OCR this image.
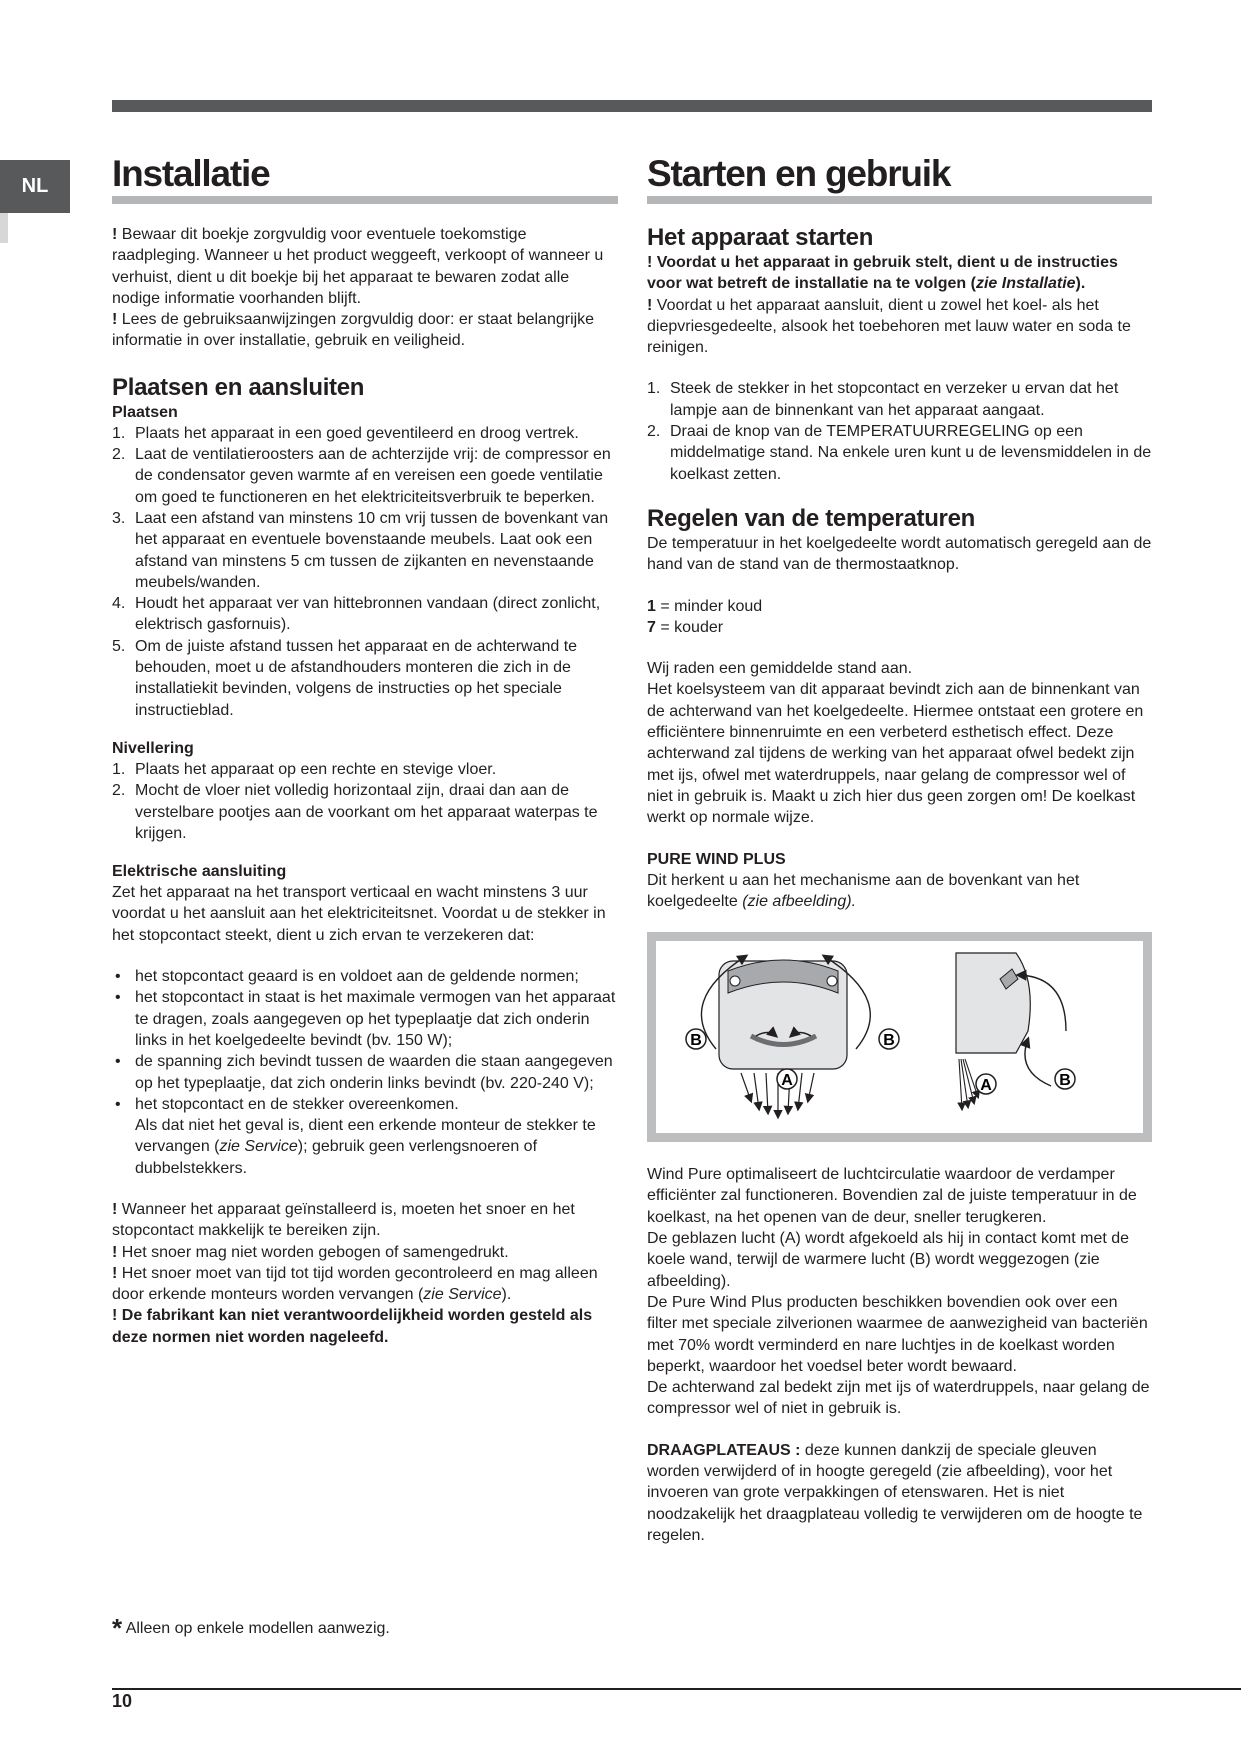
NL Installatie

! Bewaar dit boekje zorgvuldig voor eventuele toekomstige raadpleging. Wanneer u het product weggeeft, verkoopt of wanneer u verhuist, dient u dit boekje bij het apparaat te bewaren zodat alle nodige informatie voorhanden blijft.

! Lees de gebruiksaanwijzingen zorgvuldig door: er staat belangrijke informatie in over installatie, gebruik en veiligheid.

Plaatsen en aansluiten
Plaatsen
1. Plaats het apparaat in een goed geventileerd en droog vertrek.
2. Laat de ventilatieroosters aan de achterzijde vrij: de compressor en de condensator geven warmte af en vereisen een goede ventilatie om goed te functioneren en het elektriciteitsverbruik te beperken.
3. Laat een afstand van minstens 10 cm vrij tussen de bovenkant van het apparaat en eventuele bovenstaande meubels. Laat ook een afstand van minstens 5 cm tussen de zijkanten en nevenstaande meubels/wanden.
4. Houdt het apparaat ver van hittebronnen vandaan (direct zonlicht, elektrisch gasfornuis).
5. Om de juiste afstand tussen het apparaat en de achterwand te behouden, moet u de afstandhouders monteren die zich in de installatiekit bevinden, volgens de instructies op het speciale instructieblad.
Nivellering
1. Plaats het apparaat op een rechte en stevige vloer.
2. Mocht de vloer niet volledig horizontaal zijn, draai dan aan de verstelbare pootjes aan de voorkant om het apparaat waterpas te krijgen.
Elektrische aansluiting

Zet het apparaat na het transport verticaal en wacht minstens 3 uur voordat u het aansluit aan het elektriciteitsnet. Voordat u de stekker in het stopcontact steekt, dient u zich ervan te verzekeren dat:

• het stopcontact geaard is en voldoet aan de geldende normen;
• het stopcontact in staat is het maximale vermogen van het apparaat te dragen, zoals aangegeven op het typeplaatje dat zich onderin links in het koelgedeelte bevindt (bv. 150 W);
• de spanning zich bevindt tussen de waarden die staan aangegeven op het typeplaatje, dat zich onderin links bevindt (bv. 220-240 V);
• het stopcontact en de stekker overeenkomen.
Als dat niet het geval is, dient een erkende monteur de stekker te vervangen (zie Service); gebruik geen verlengsnoeren of dubbelstekkers.

! Wanneer het apparaat geïnstalleerd is, moeten het snoer en het stopcontact makkelijk te bereiken zijn.

! Het snoer mag niet worden gebogen of samengedrukt.

! Het snoer moet van tijd tot tijd worden gecontroleerd en mag alleen door erkende monteurs worden vervangen (zie Service).

! De fabrikant kan niet verantwoordelijkheid worden gesteld als deze normen niet worden nageleefd.

Starten en gebruik
Het apparaat starten

! Voordat u het apparaat in gebruik stelt, dient u de instructies voor wat betreft de installatie na te volgen (zie Installatie).

! Voordat u het apparaat aansluit, dient u zowel het koel- als het diepvriesgedeelte, alsook het toebehoren met lauw water en soda te reinigen.

1. Steek de stekker in het stopcontact en verzeker u ervan dat het lampje aan de binnenkant van het apparaat aangaat.
2. Draai de knop van de TEMPERATUURREGELING op een middelmatige stand. Na enkele uren kunt u de levensmiddelen in de koelkast zetten.
Regelen van de temperaturen

De temperatuur in het koelgedeelte wordt automatisch geregeld aan de hand van de stand van de thermostaatknop.

1 = minder koud

7 = kouder

Wij raden een gemiddelde stand aan.

Het koelsysteem van dit apparaat bevindt zich aan de binnenkant van de achterwand van het koelgedeelte. Hiermee ontstaat een grotere en efficiëntere binnenruimte en een verbeterd esthetisch effect. Deze achterwand zal tijdens de werking van het apparaat ofwel bedekt zijn met ijs, ofwel met waterdruppels, naar gelang de compressor wel of niet in gebruik is. Maakt u zich hier dus geen zorgen om! De koelkast werkt op normale wijze.

PURE WIND PLUS

Dit herkent u aan het mechanisme aan de bovenkant van het koelgedeelte (zie afbeelding).

B	B
A	A	B

Wind Pure optimaliseert de luchtcirculatie waardoor de verdamper efficiënter zal functioneren. Bovendien zal de juiste temperatuur in de koelkast, na het openen van de deur, sneller terugkeren.

De geblazen lucht (A) wordt afgekoeld als hij in contact komt met de koele wand, terwijl de warmere lucht (B) wordt weggezogen (zie afbeelding).

De Pure Wind Plus producten beschikken bovendien ook over een filter met speciale zilverionen waarmee de aanwezigheid van bacteriën met 70% wordt verminderd en nare luchtjes in de koelkast worden beperkt, waardoor het voedsel beter wordt bewaard.

De achterwand zal bedekt zijn met ijs of waterdruppels, naar gelang de compressor wel of niet in gebruik is.

DRAAGPLATEAUS : deze kunnen dankzij de speciale gleuven worden verwijderd of in hoogte geregeld (zie afbeelding), voor het invoeren van grote verpakkingen of etenswaren. Het is niet noodzakelijk het draagplateau volledig te verwijderen om de hoogte te regelen.

* Alleen op enkele modellen aanwezig.
10
